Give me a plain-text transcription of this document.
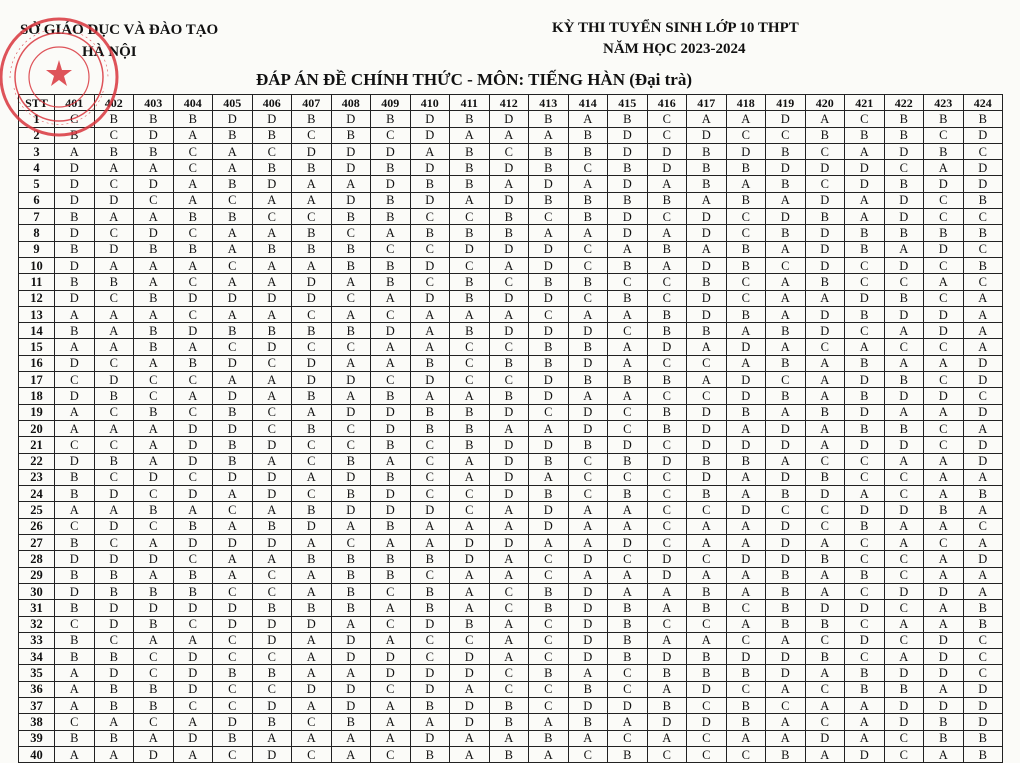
SỞ GIÁO DỤC VÀ ĐÀO TẠO
HÀ NỘI
KỲ THI TUYỂN SINH LỚP 10 THPT
NĂM HỌC 2023-2024
ĐÁP ÁN ĐỀ CHÍNH THỨC - MÔN: TIẾNG HÀN (Đại trà)
STT	401	402	403	404	405	406	407	408	409	410	411	412	413	414	415	416	417	418	419	420	421	422	423	424
1	C	B	B	B	D	D	B	D	B	D	B	D	B	A	B	C	A	A	D	A	C	B	B	B
2	B	C	D	A	B	B	C	B	C	D	A	A	A	B	D	C	D	C	C	B	B	B	C	D
3	A	B	B	C	A	C	D	D	D	A	B	C	B	B	D	D	B	D	B	C	A	D	B	C
4	D	A	A	C	A	B	B	D	B	D	B	D	B	C	B	D	B	B	D	D	D	C	A	D
5	D	C	D	A	B	D	A	A	D	B	B	A	D	A	D	A	B	A	B	C	D	B	D	D
6	D	D	C	A	C	A	A	D	B	D	A	D	B	B	B	B	A	B	A	D	A	D	C	B
7	B	A	A	B	B	C	C	B	B	C	C	B	C	B	D	C	D	C	D	B	A	D	C	C
8	D	C	D	C	A	A	B	C	A	B	B	B	A	A	D	A	D	C	B	D	B	B	B	B
9	B	D	B	B	A	B	B	B	C	C	D	D	D	C	A	B	A	B	A	D	B	A	D	C
10	D	A	A	A	C	A	A	B	B	D	C	A	D	C	B	A	D	B	C	D	C	D	C	B
11	B	B	A	C	A	A	D	A	B	C	B	C	B	B	C	C	B	C	A	B	C	C	A	C
12	D	C	B	D	D	D	D	C	A	D	B	D	D	C	B	C	D	C	A	A	D	B	C	A
13	A	A	A	C	A	A	C	A	C	A	A	A	C	A	A	B	D	B	A	D	B	D	D	A
14	B	A	B	D	B	B	B	B	D	A	B	D	D	D	C	B	B	A	B	D	C	A	D	A
15	A	A	B	A	C	D	C	C	A	A	C	C	B	B	A	D	A	D	A	C	A	C	C	A
16	D	C	A	B	D	C	D	A	A	B	C	B	B	D	A	C	C	A	B	A	B	A	A	D
17	C	D	C	C	A	A	D	D	C	D	C	C	D	B	B	B	A	D	C	A	D	B	C	D
18	D	B	C	A	D	A	B	A	B	A	A	B	D	A	A	C	C	D	B	A	B	D	D	C
19	A	C	B	C	B	C	A	D	D	B	B	D	C	D	C	B	D	B	A	B	D	A	A	D
20	A	A	A	D	D	C	B	C	D	B	B	A	A	D	C	B	D	A	D	A	B	B	C	A
21	C	C	A	D	B	D	C	C	B	C	B	D	D	B	D	C	D	D	D	A	D	D	C	D
22	D	B	A	D	B	A	C	B	A	C	A	D	B	C	B	D	B	B	A	C	C	A	A	D
23	B	C	D	C	D	D	A	D	B	C	A	D	A	C	C	C	D	A	D	B	C	C	A	A
24	B	D	C	D	A	D	C	B	D	C	C	D	B	C	B	C	B	A	B	D	A	C	A	B
25	A	A	B	A	C	A	B	D	D	D	C	A	D	A	A	C	C	D	C	C	D	D	B	A
26	C	D	C	B	A	B	D	A	B	A	A	A	D	A	A	C	A	A	D	C	B	A	A	C
27	B	C	A	D	D	D	A	C	A	A	D	D	A	A	D	C	A	A	D	A	C	A	C	A
28	D	D	D	C	A	A	B	B	B	B	D	A	C	D	C	D	C	D	D	B	C	C	A	D
29	B	B	A	B	A	C	A	B	B	C	A	A	C	A	A	D	A	A	B	A	B	C	A	A
30	D	B	B	B	C	C	A	B	C	B	A	C	B	D	A	A	B	A	B	A	C	D	D	A
31	B	D	D	D	D	B	B	B	A	B	A	C	B	D	B	A	B	C	B	D	D	C	A	B
32	C	D	B	C	D	D	D	A	C	D	B	A	C	D	B	C	C	A	B	B	C	A	A	B
33	B	C	A	A	C	D	A	D	A	C	C	A	C	D	B	A	A	C	A	C	D	C	D	C
34	B	B	C	D	C	C	A	D	D	C	D	A	C	D	B	D	B	D	D	B	C	A	D	C
35	A	D	C	D	B	B	A	A	D	D	D	C	B	A	C	B	B	B	D	A	B	D	D	C
36	A	B	B	D	C	C	D	D	C	D	A	C	C	B	C	A	D	C	A	C	B	B	A	D
37	A	B	B	C	C	D	A	D	A	B	D	B	C	D	D	B	C	B	C	A	A	D	D	D
38	C	A	C	A	D	B	C	B	A	A	D	B	A	B	A	D	D	B	A	C	A	D	B	D
39	B	B	A	D	B	A	A	A	A	D	A	A	B	A	C	A	C	A	A	D	A	C	B	B
40	A	A	D	A	C	D	C	A	C	B	A	B	A	C	B	C	C	C	B	A	D	C	A	B
